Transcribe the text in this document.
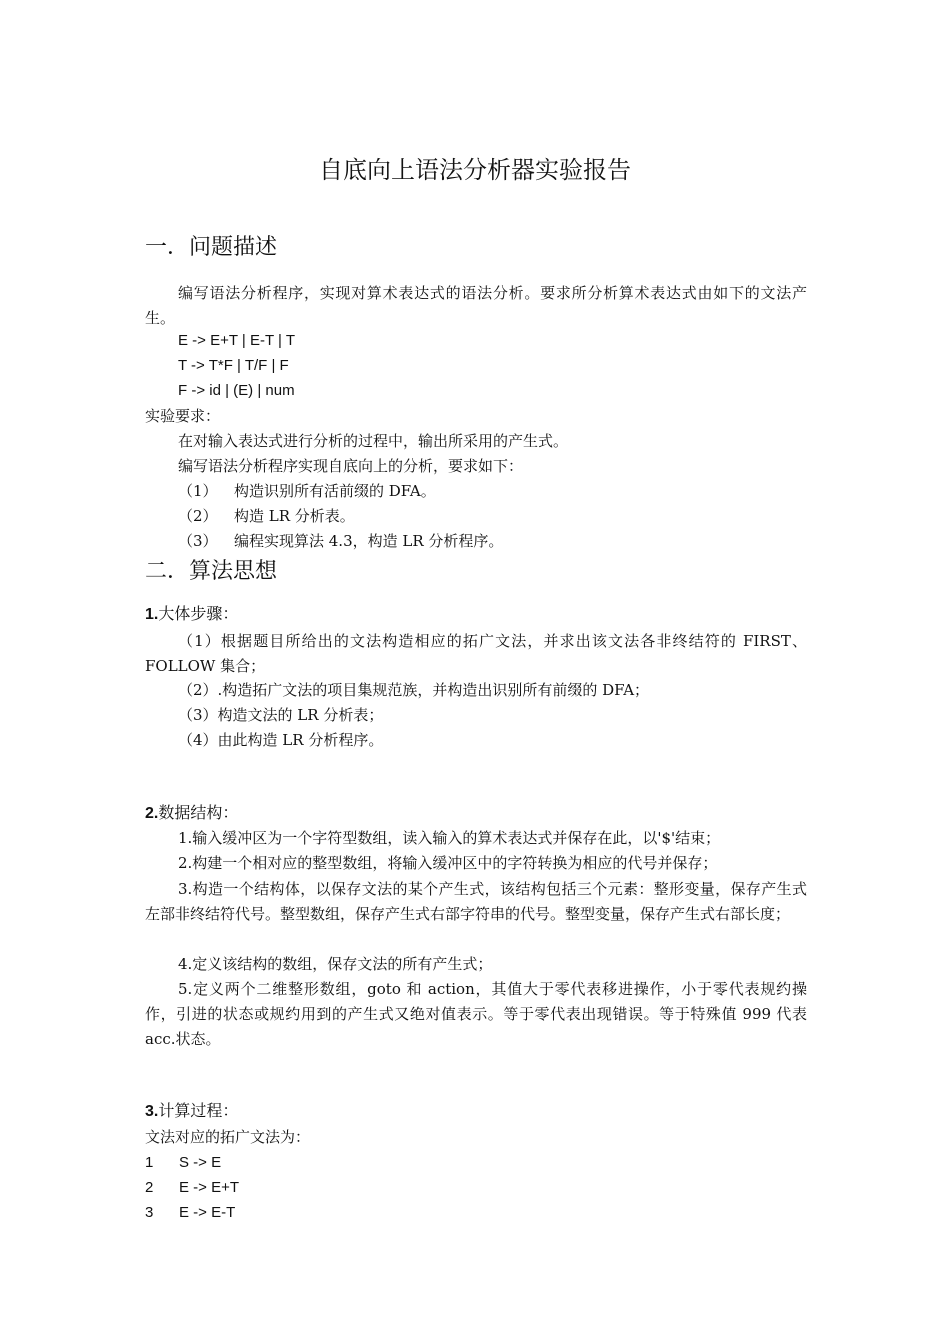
自底向上语法分析器实验报告
一．问题描述
编写语法分析程序，实现对算术表达式的语法分析。要求所分析算术表达式由如下的文法产生。
E -> E+T | E-T | T
T -> T*F | T/F | F
F -> id | (E) | num
实验要求：
在对输入表达式进行分析的过程中，输出所采用的产生式。
编写语法分析程序实现自底向上的分析，要求如下：
（1） 构造识别所有活前缀的 DFA。
（2） 构造 LR 分析表。
（3） 编程实现算法 4.3，构造 LR 分析程序。
二．算法思想
1.大体步骤：
（1）根据题目所给出的文法构造相应的拓广文法，并求出该文法各非终结符的 FIRST、FOLLOW 集合；
（2）.构造拓广文法的项目集规范族，并构造出识别所有前缀的 DFA；
（3）构造文法的 LR 分析表；
（4）由此构造 LR 分析程序。
2.数据结构：
1.输入缓冲区为一个字符型数组，读入输入的算术表达式并保存在此，以'$'结束；
2.构建一个相对应的整型数组，将输入缓冲区中的字符转换为相应的代号并保存；
3.构造一个结构体，以保存文法的某个产生式，该结构包括三个元素：整形变量，保存产生式左部非终结符代号。整型数组，保存产生式右部字符串的代号。整型变量，保存产生式右部长度；
4.定义该结构的数组，保存文法的所有产生式；
5.定义两个二维整形数组，goto 和 action，其值大于零代表移进操作，小于零代表规约操作，引进的状态或规约用到的产生式又绝对值表示。等于零代表出现错误。等于特殊值 999 代表 acc.状态。
3.计算过程：
文法对应的拓广文法为：
1 S -> E
2 E -> E+T
3 E -> E-T
